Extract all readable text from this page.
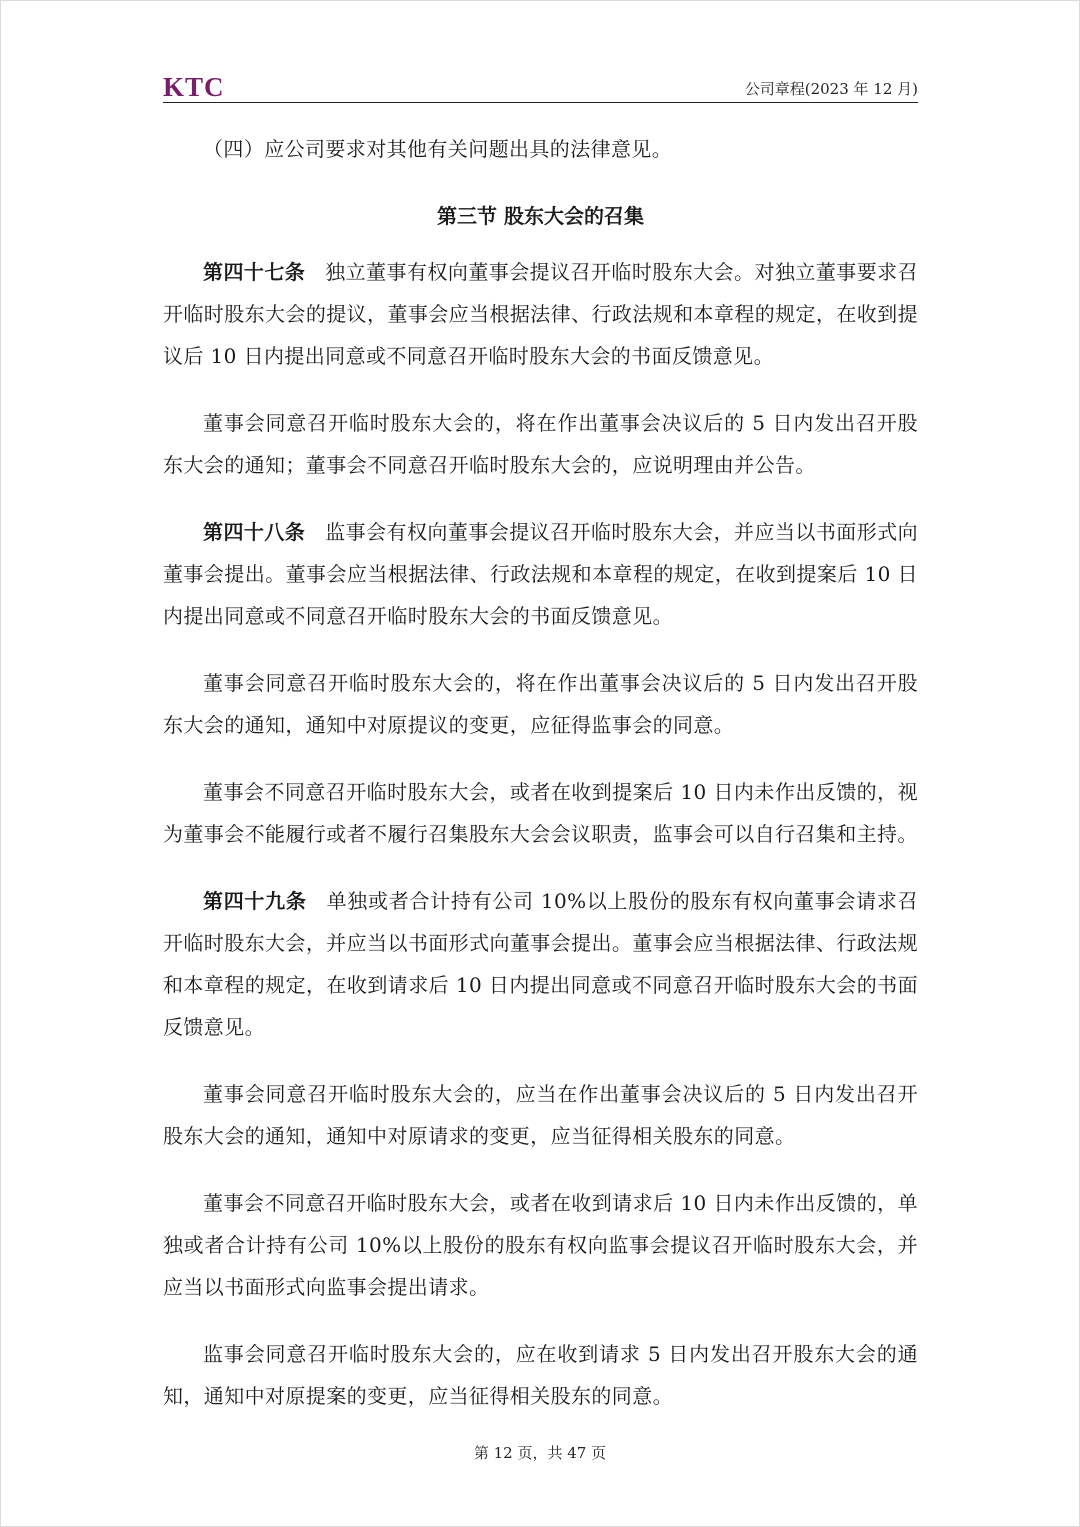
KTC	公司章程(2023 年 12 月)

（四）应公司要求对其他有关问题出具的法律意见。

第三节 股东大会的召集

第四十七条 独立董事有权向董事会提议召开临时股东大会。对独立董事要求召开临时股东大会的提议，董事会应当根据法律、行政法规和本章程的规定，在收到提议后 10 日内提出同意或不同意召开临时股东大会的书面反馈意见。

董事会同意召开临时股东大会的，将在作出董事会决议后的 5 日内发出召开股东大会的通知；董事会不同意召开临时股东大会的，应说明理由并公告。

第四十八条 监事会有权向董事会提议召开临时股东大会，并应当以书面形式向董事会提出。董事会应当根据法律、行政法规和本章程的规定，在收到提案后 10 日内提出同意或不同意召开临时股东大会的书面反馈意见。

董事会同意召开临时股东大会的，将在作出董事会决议后的 5 日内发出召开股东大会的通知，通知中对原提议的变更，应征得监事会的同意。

董事会不同意召开临时股东大会，或者在收到提案后 10 日内未作出反馈的，视为董事会不能履行或者不履行召集股东大会会议职责，监事会可以自行召集和主持。

第四十九条 单独或者合计持有公司 10%以上股份的股东有权向董事会请求召开临时股东大会，并应当以书面形式向董事会提出。董事会应当根据法律、行政法规和本章程的规定，在收到请求后 10 日内提出同意或不同意召开临时股东大会的书面反馈意见。

董事会同意召开临时股东大会的，应当在作出董事会决议后的 5 日内发出召开股东大会的通知，通知中对原请求的变更，应当征得相关股东的同意。

董事会不同意召开临时股东大会，或者在收到请求后 10 日内未作出反馈的，单独或者合计持有公司 10%以上股份的股东有权向监事会提议召开临时股东大会，并应当以书面形式向监事会提出请求。

监事会同意召开临时股东大会的，应在收到请求 5 日内发出召开股东大会的通知，通知中对原提案的变更，应当征得相关股东的同意。

第 12 页，共 47 页
